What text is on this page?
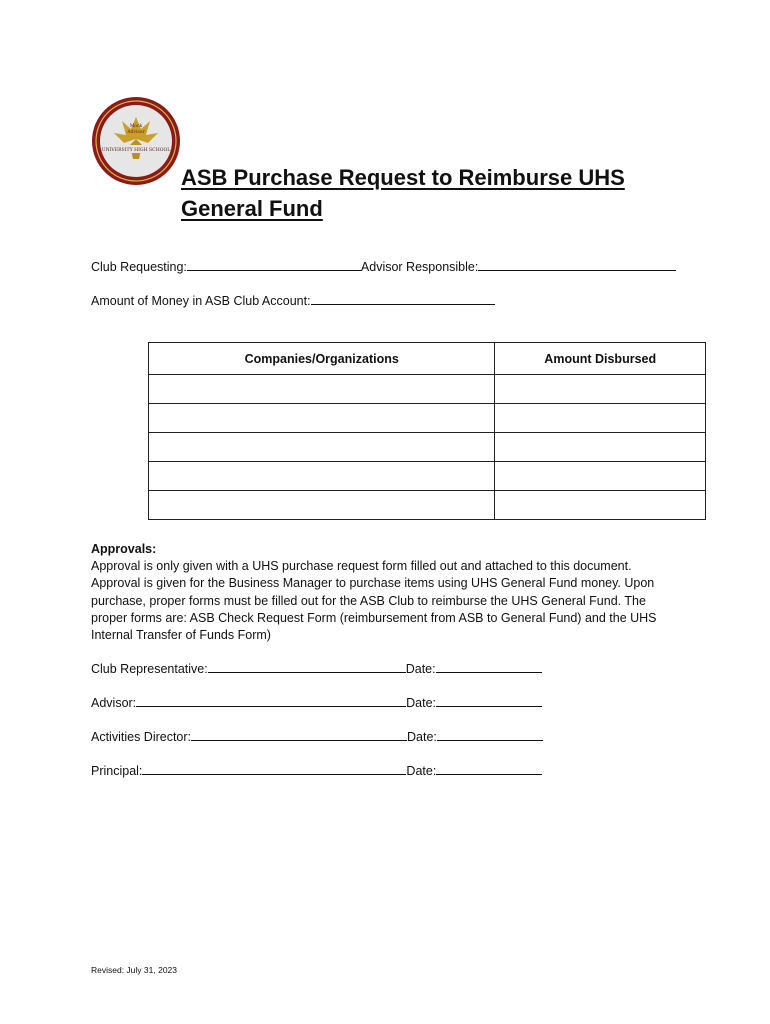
Mock
Advisor
UNIVERSITY HIGH SCHOOL
ASB Purchase Request to Reimburse UHS
General Fund
Club Requesting:	Advisor Responsible:
Amount of Money in ASB Club Account:
Companies/Organizations	Amount Disbursed

Approvals:
Approval is only given with a UHS purchase request form filled out and attached to this document. Approval is given for the Business Manager to purchase items using UHS General Fund money. Upon purchase, proper forms must be filled out for the ASB Club to reimburse the UHS General Fund. The proper forms are: ASB Check Request Form (reimbursement from ASB to General Fund) and the UHS Internal Transfer of Funds Form)
Club Representative:	Date:
Advisor:	Date:
Activities Director:	Date:
Principal:	Date:
Revised: July 31, 2023
